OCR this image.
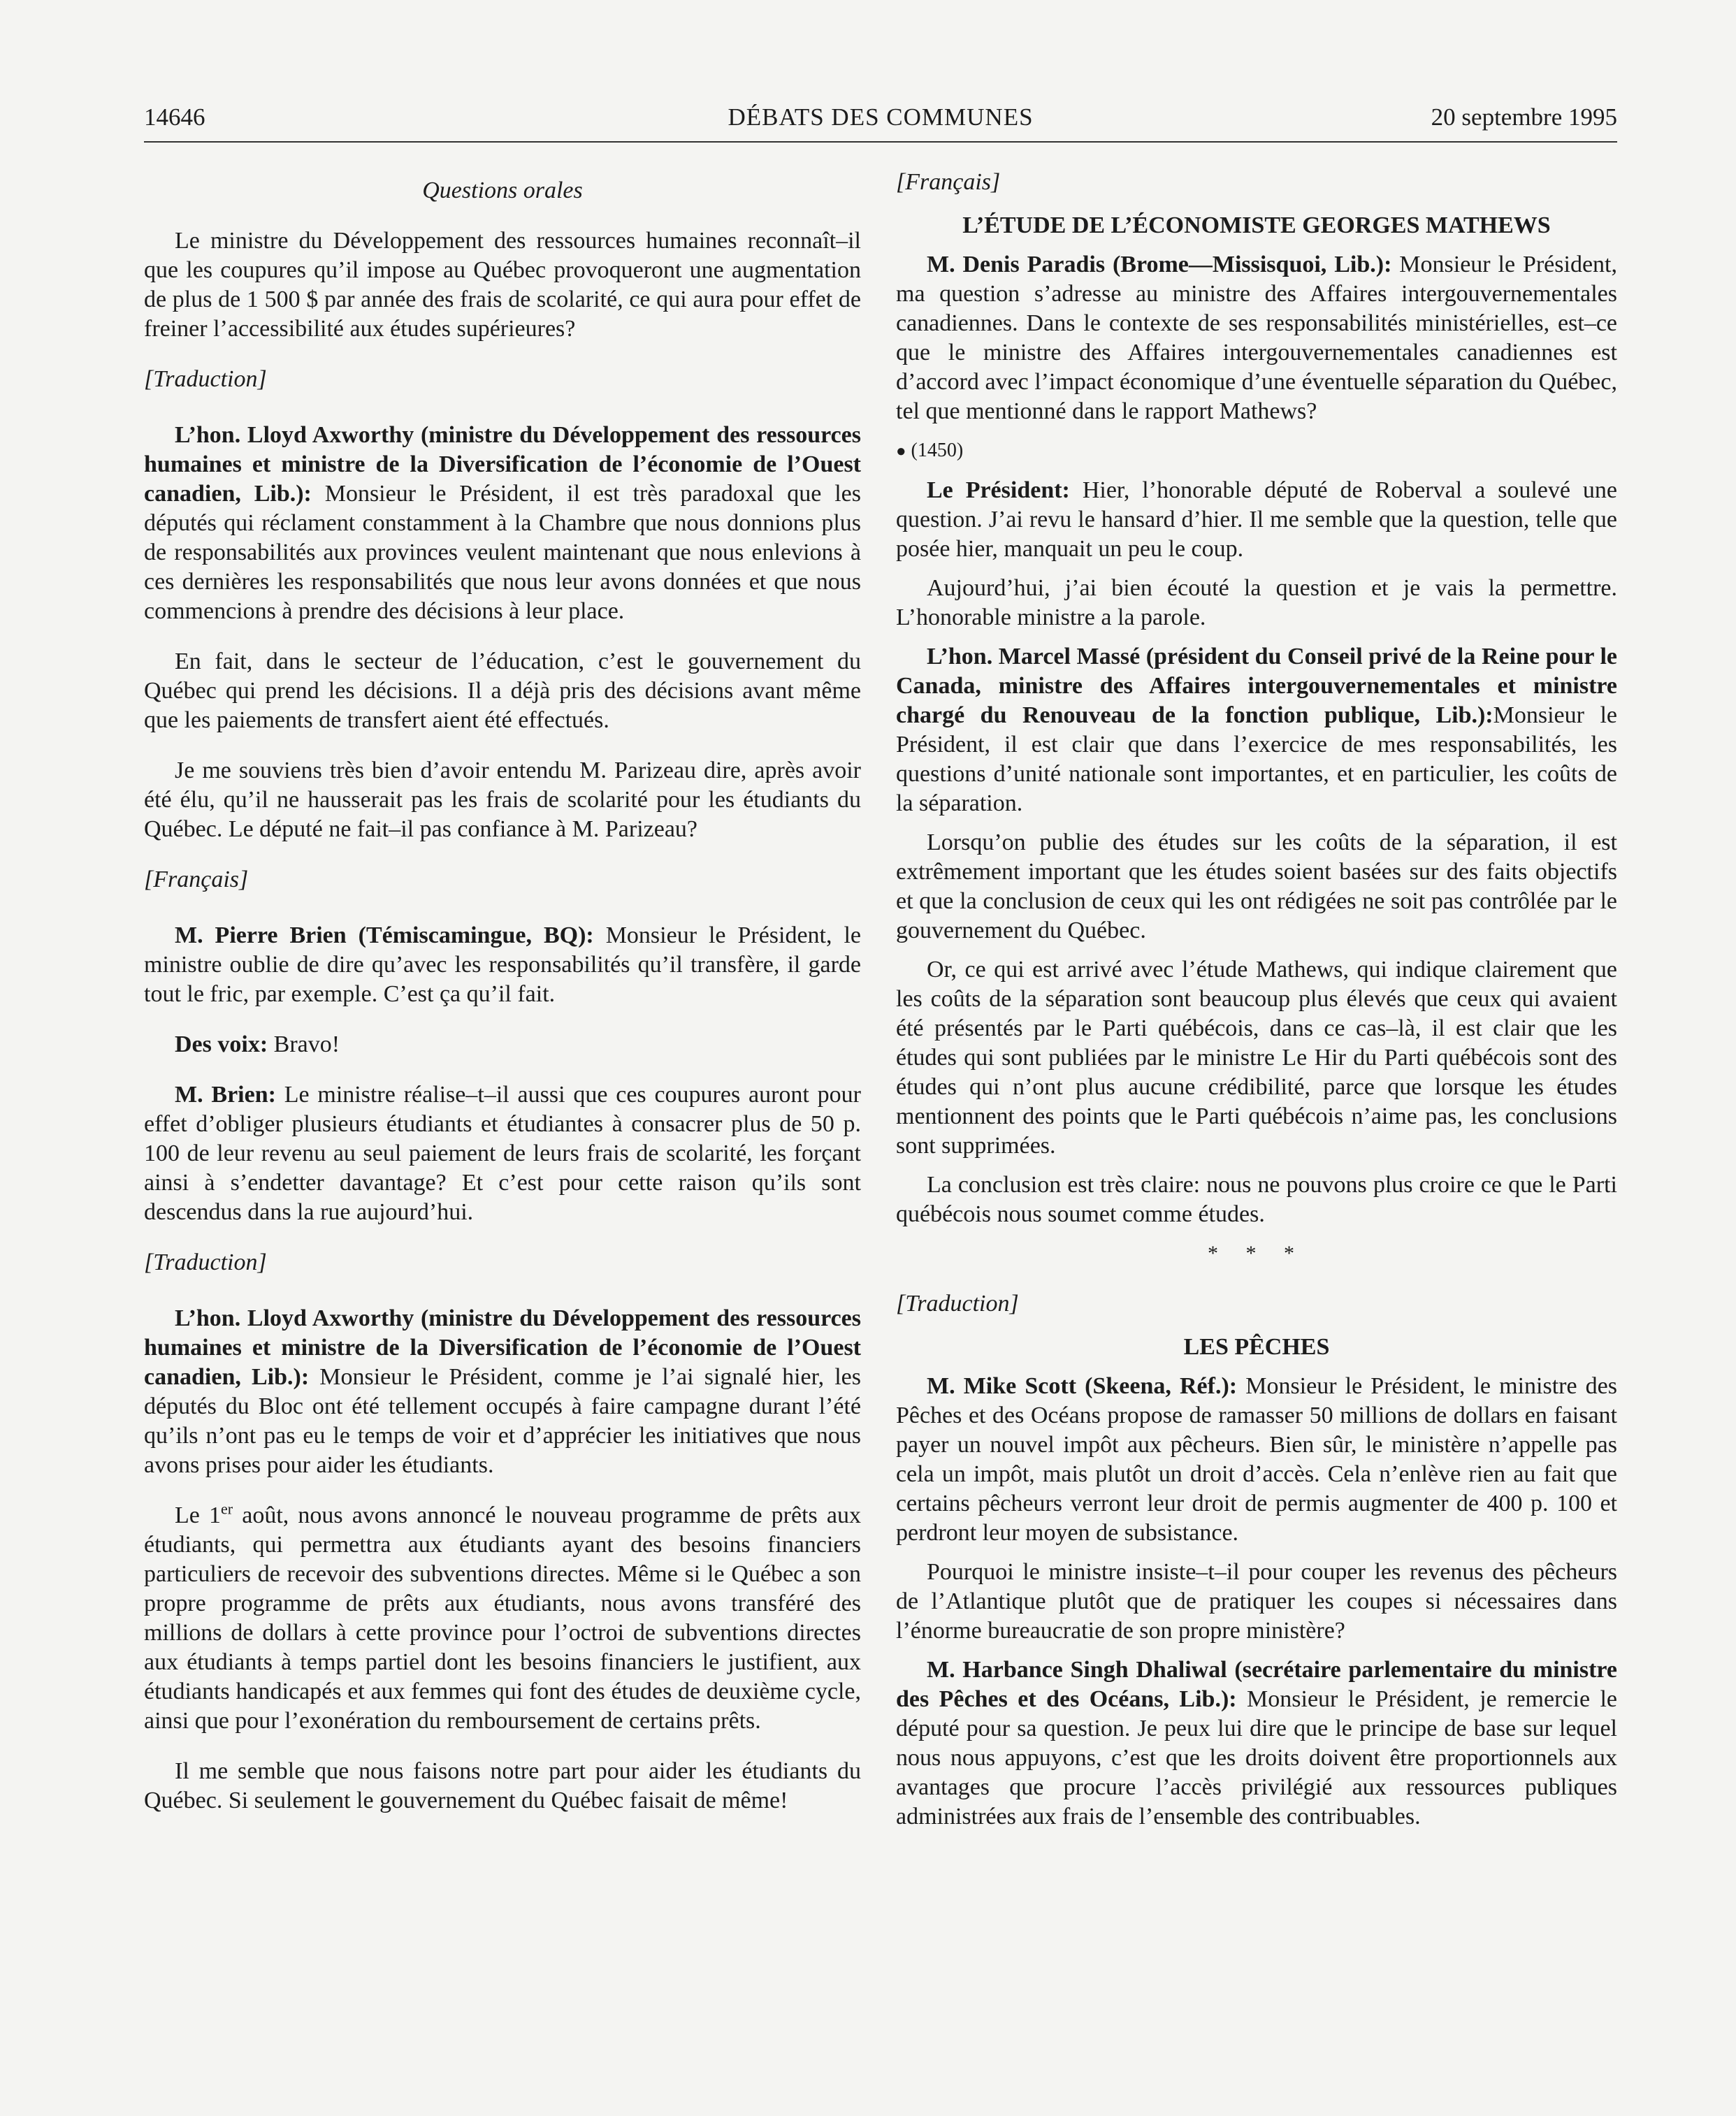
14646	DÉBATS DES COMMUNES	20 septembre 1995
Questions orales

Le ministre du Développement des ressources humaines reconnaît–il que les coupures qu’il impose au Québec provoqueront une augmentation de plus de 1 500 $ par année des frais de scolarité, ce qui aura pour effet de freiner l’accessibilité aux études supérieures?

[Traduction]

L’hon. Lloyd Axworthy (ministre du Développement des ressources humaines et ministre de la Diversification de l’économie de l’Ouest canadien, Lib.): Monsieur le Président, il est très paradoxal que les députés qui réclament constamment à la Chambre que nous donnions plus de responsabilités aux provinces veulent maintenant que nous enlevions à ces dernières les responsabilités que nous leur avons données et que nous commencions à prendre des décisions à leur place.

En fait, dans le secteur de l’éducation, c’est le gouvernement du Québec qui prend les décisions. Il a déjà pris des décisions avant même que les paiements de transfert aient été effectués.

Je me souviens très bien d’avoir entendu M. Parizeau dire, après avoir été élu, qu’il ne hausserait pas les frais de scolarité pour les étudiants du Québec. Le député ne fait–il pas confiance à M. Parizeau?

[Français]

M. Pierre Brien (Témiscamingue, BQ): Monsieur le Président, le ministre oublie de dire qu’avec les responsabilités qu’il transfère, il garde tout le fric, par exemple. C’est ça qu’il fait.

Des voix: Bravo!

M. Brien: Le ministre réalise–t–il aussi que ces coupures auront pour effet d’obliger plusieurs étudiants et étudiantes à consacrer plus de 50 p. 100 de leur revenu au seul paiement de leurs frais de scolarité, les forçant ainsi à s’endetter davantage? Et c’est pour cette raison qu’ils sont descendus dans la rue aujourd’hui.

[Traduction]

L’hon. Lloyd Axworthy (ministre du Développement des ressources humaines et ministre de la Diversification de l’économie de l’Ouest canadien, Lib.): Monsieur le Président, comme je l’ai signalé hier, les députés du Bloc ont été tellement occupés à faire campagne durant l’été qu’ils n’ont pas eu le temps de voir et d’apprécier les initiatives que nous avons prises pour aider les étudiants.

Le 1er août, nous avons annoncé le nouveau programme de prêts aux étudiants, qui permettra aux étudiants ayant des besoins financiers particuliers de recevoir des subventions directes. Même si le Québec a son propre programme de prêts aux étudiants, nous avons transféré des millions de dollars à cette province pour l’octroi de subventions directes aux étudiants à temps partiel dont les besoins financiers le justifient, aux étudiants handicapés et aux femmes qui font des études de deuxième cycle, ainsi que pour l’exonération du remboursement de certains prêts.

Il me semble que nous faisons notre part pour aider les étudiants du Québec. Si seulement le gouvernement du Québec faisait de même!

[Français]
L’ÉTUDE DE L’ÉCONOMISTE GEORGES MATHEWS

M. Denis Paradis (Brome—Missisquoi, Lib.): Monsieur le Président, ma question s’adresse au ministre des Affaires intergouvernementales canadiennes. Dans le contexte de ses responsabilités ministérielles, est–ce que le ministre des Affaires intergouvernementales canadiennes est d’accord avec l’impact économique d’une éventuelle séparation du Québec, tel que mentionné dans le rapport Mathews?

● (1450)

Le Président: Hier, l’honorable député de Roberval a soulevé une question. J’ai revu le hansard d’hier. Il me semble que la question, telle que posée hier, manquait un peu le coup.

Aujourd’hui, j’ai bien écouté la question et je vais la permettre. L’honorable ministre a la parole.

L’hon. Marcel Massé (président du Conseil privé de la Reine pour le Canada, ministre des Affaires intergouvernementales et ministre chargé du Renouveau de la fonction publique, Lib.):Monsieur le Président, il est clair que dans l’exercice de mes responsabilités, les questions d’unité nationale sont importantes, et en particulier, les coûts de la séparation.

Lorsqu’on publie des études sur les coûts de la séparation, il est extrêmement important que les études soient basées sur des faits objectifs et que la conclusion de ceux qui les ont rédigées ne soit pas contrôlée par le gouvernement du Québec.

Or, ce qui est arrivé avec l’étude Mathews, qui indique clairement que les coûts de la séparation sont beaucoup plus élevés que ceux qui avaient été présentés par le Parti québécois, dans ce cas–là, il est clair que les études qui sont publiées par le ministre Le Hir du Parti québécois sont des études qui n’ont plus aucune crédibilité, parce que lorsque les études mentionnent des points que le Parti québécois n’aime pas, les conclusions sont supprimées.

La conclusion est très claire: nous ne pouvons plus croire ce que le Parti québécois nous soumet comme études.

* * *
[Traduction]
LES PÊCHES

M. Mike Scott (Skeena, Réf.): Monsieur le Président, le ministre des Pêches et des Océans propose de ramasser 50 millions de dollars en faisant payer un nouvel impôt aux pêcheurs. Bien sûr, le ministère n’appelle pas cela un impôt, mais plutôt un droit d’accès. Cela n’enlève rien au fait que certains pêcheurs verront leur droit de permis augmenter de 400 p. 100 et perdront leur moyen de subsistance.

Pourquoi le ministre insiste–t–il pour couper les revenus des pêcheurs de l’Atlantique plutôt que de pratiquer les coupes si nécessaires dans l’énorme bureaucratie de son propre ministère?

M. Harbance Singh Dhaliwal (secrétaire parlementaire du ministre des Pêches et des Océans, Lib.): Monsieur le Président, je remercie le député pour sa question. Je peux lui dire que le principe de base sur lequel nous nous appuyons, c’est que les droits doivent être proportionnels aux avantages que procure l’accès privilégié aux ressources publiques administrées aux frais de l’ensemble des contribuables.
